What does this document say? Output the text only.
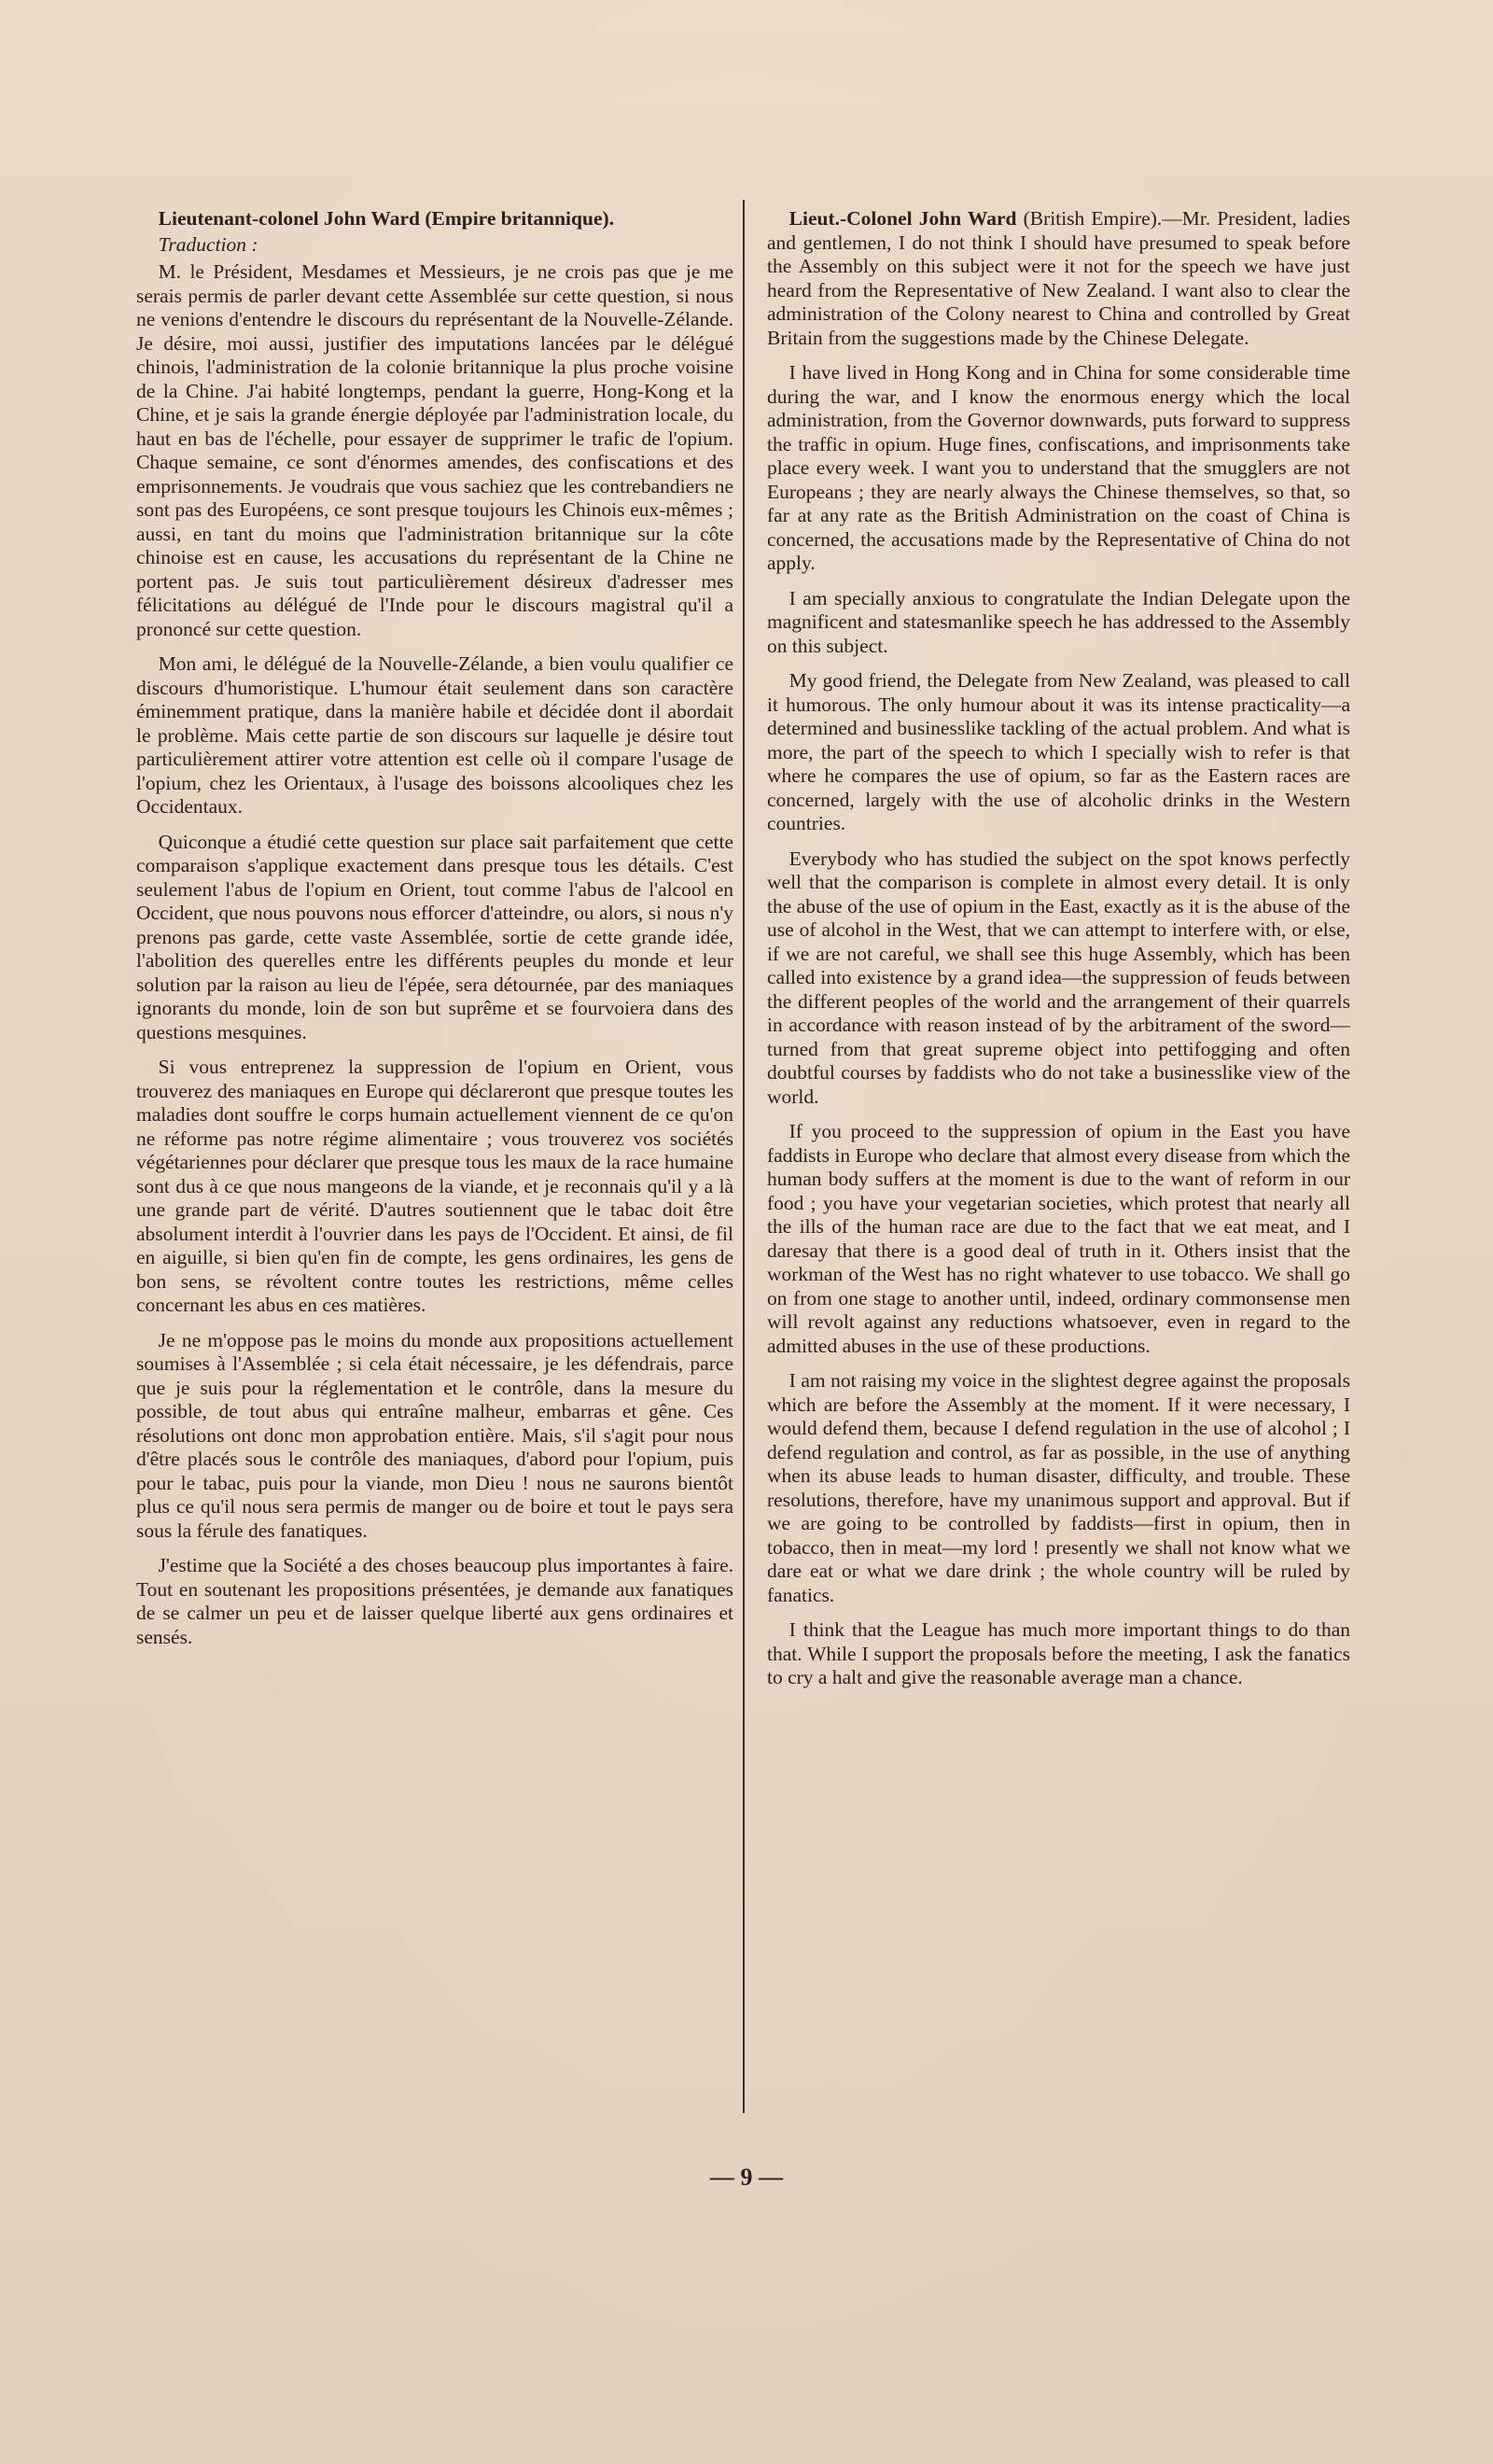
Lieutenant-colonel John Ward (Empire britannique).
Traduction :

M. le Président, Mesdames et Messieurs, je ne crois pas que je me serais permis de parler devant cette Assemblée sur cette question, si nous ne venions d'entendre le discours du représentant de la Nouvelle-Zélande. Je désire, moi aussi, justifier des imputations lancées par le délégué chinois, l'administration de la colonie britannique la plus proche voisine de la Chine. J'ai habité longtemps, pendant la guerre, Hong-Kong et la Chine, et je sais la grande énergie déployée par l'administration locale, du haut en bas de l'échelle, pour essayer de supprimer le trafic de l'opium. Chaque semaine, ce sont d'énormes amendes, des confiscations et des emprisonnements. Je voudrais que vous sachiez que les contrebandiers ne sont pas des Européens, ce sont presque toujours les Chinois eux-mêmes ; aussi, en tant du moins que l'administration britannique sur la côte chinoise est en cause, les accusations du représentant de la Chine ne portent pas. Je suis tout particulièrement désireux d'adresser mes félicitations au délégué de l'Inde pour le discours magistral qu'il a prononcé sur cette question.

Mon ami, le délégué de la Nouvelle-Zélande, a bien voulu qualifier ce discours d'humoristique. L'humour était seulement dans son caractère éminemment pratique, dans la manière habile et décidée dont il abordait le problème. Mais cette partie de son discours sur laquelle je désire tout particulièrement attirer votre attention est celle où il compare l'usage de l'opium, chez les Orientaux, à l'usage des boissons alcooliques chez les Occidentaux.

Quiconque a étudié cette question sur place sait parfaitement que cette comparaison s'applique exactement dans presque tous les détails. C'est seulement l'abus de l'opium en Orient, tout comme l'abus de l'alcool en Occident, que nous pouvons nous efforcer d'atteindre, ou alors, si nous n'y prenons pas garde, cette vaste Assemblée, sortie de cette grande idée, l'abolition des querelles entre les différents peuples du monde et leur solution par la raison au lieu de l'épée, sera détournée, par des maniaques ignorants du monde, loin de son but suprême et se fourvoiera dans des questions mesquines.

Si vous entreprenez la suppression de l'opium en Orient, vous trouverez des maniaques en Europe qui déclareront que presque toutes les maladies dont souffre le corps humain actuellement viennent de ce qu'on ne réforme pas notre régime alimentaire ; vous trouverez vos sociétés végétariennes pour déclarer que presque tous les maux de la race humaine sont dus à ce que nous mangeons de la viande, et je reconnais qu'il y a là une grande part de vérité. D'autres soutiennent que le tabac doit être absolument interdit à l'ouvrier dans les pays de l'Occident. Et ainsi, de fil en aiguille, si bien qu'en fin de compte, les gens ordinaires, les gens de bon sens, se révoltent contre toutes les restrictions, même celles concernant les abus en ces matières.

Je ne m'oppose pas le moins du monde aux propositions actuellement soumises à l'Assemblée ; si cela était nécessaire, je les défendrais, parce que je suis pour la réglementation et le contrôle, dans la mesure du possible, de tout abus qui entraîne malheur, embarras et gêne. Ces résolutions ont donc mon approbation entière. Mais, s'il s'agit pour nous d'être placés sous le contrôle des maniaques, d'abord pour l'opium, puis pour le tabac, puis pour la viande, mon Dieu ! nous ne saurons bientôt plus ce qu'il nous sera permis de manger ou de boire et tout le pays sera sous la férule des fanatiques.

J'estime que la Société a des choses beaucoup plus importantes à faire. Tout en soutenant les propositions présentées, je demande aux fanatiques de se calmer un peu et de laisser quelque liberté aux gens ordinaires et sensés.

Lieut.-Colonel John Ward (British Empire).—Mr. President, ladies and gentlemen, I do not think I should have presumed to speak before the Assembly on this subject were it not for the speech we have just heard from the Representative of New Zealand. I want also to clear the administration of the Colony nearest to China and controlled by Great Britain from the suggestions made by the Chinese Delegate.

I have lived in Hong Kong and in China for some considerable time during the war, and I know the enormous energy which the local administration, from the Governor downwards, puts forward to suppress the traffic in opium. Huge fines, confiscations, and imprisonments take place every week. I want you to understand that the smugglers are not Europeans ; they are nearly always the Chinese themselves, so that, so far at any rate as the British Administration on the coast of China is concerned, the accusations made by the Representative of China do not apply.

I am specially anxious to congratulate the Indian Delegate upon the magnificent and statesmanlike speech he has addressed to the Assembly on this subject.

My good friend, the Delegate from New Zealand, was pleased to call it humorous. The only humour about it was its intense practicality—a determined and businesslike tackling of the actual problem. And what is more, the part of the speech to which I specially wish to refer is that where he compares the use of opium, so far as the Eastern races are concerned, largely with the use of alcoholic drinks in the Western countries.

Everybody who has studied the subject on the spot knows perfectly well that the comparison is complete in almost every detail. It is only the abuse of the use of opium in the East, exactly as it is the abuse of the use of alcohol in the West, that we can attempt to interfere with, or else, if we are not careful, we shall see this huge Assembly, which has been called into existence by a grand idea—the suppression of feuds between the different peoples of the world and the arrangement of their quarrels in accordance with reason instead of by the arbitrament of the sword—turned from that great supreme object into pettifogging and often doubtful courses by faddists who do not take a businesslike view of the world.

If you proceed to the suppression of opium in the East you have faddists in Europe who declare that almost every disease from which the human body suffers at the moment is due to the want of reform in our food ; you have your vegetarian societies, which protest that nearly all the ills of the human race are due to the fact that we eat meat, and I daresay that there is a good deal of truth in it. Others insist that the workman of the West has no right whatever to use tobacco. We shall go on from one stage to another until, indeed, ordinary commonsense men will revolt against any reductions whatsoever, even in regard to the admitted abuses in the use of these productions.

I am not raising my voice in the slightest degree against the proposals which are before the Assembly at the moment. If it were necessary, I would defend them, because I defend regulation in the use of alcohol ; I defend regulation and control, as far as possible, in the use of anything when its abuse leads to human disaster, difficulty, and trouble. These resolutions, therefore, have my unanimous support and approval. But if we are going to be controlled by faddists—first in opium, then in tobacco, then in meat—my lord ! presently we shall not know what we dare eat or what we dare drink ; the whole country will be ruled by fanatics.

I think that the League has much more important things to do than that. While I support the proposals before the meeting, I ask the fanatics to cry a halt and give the reasonable average man a chance.

— 9 —
